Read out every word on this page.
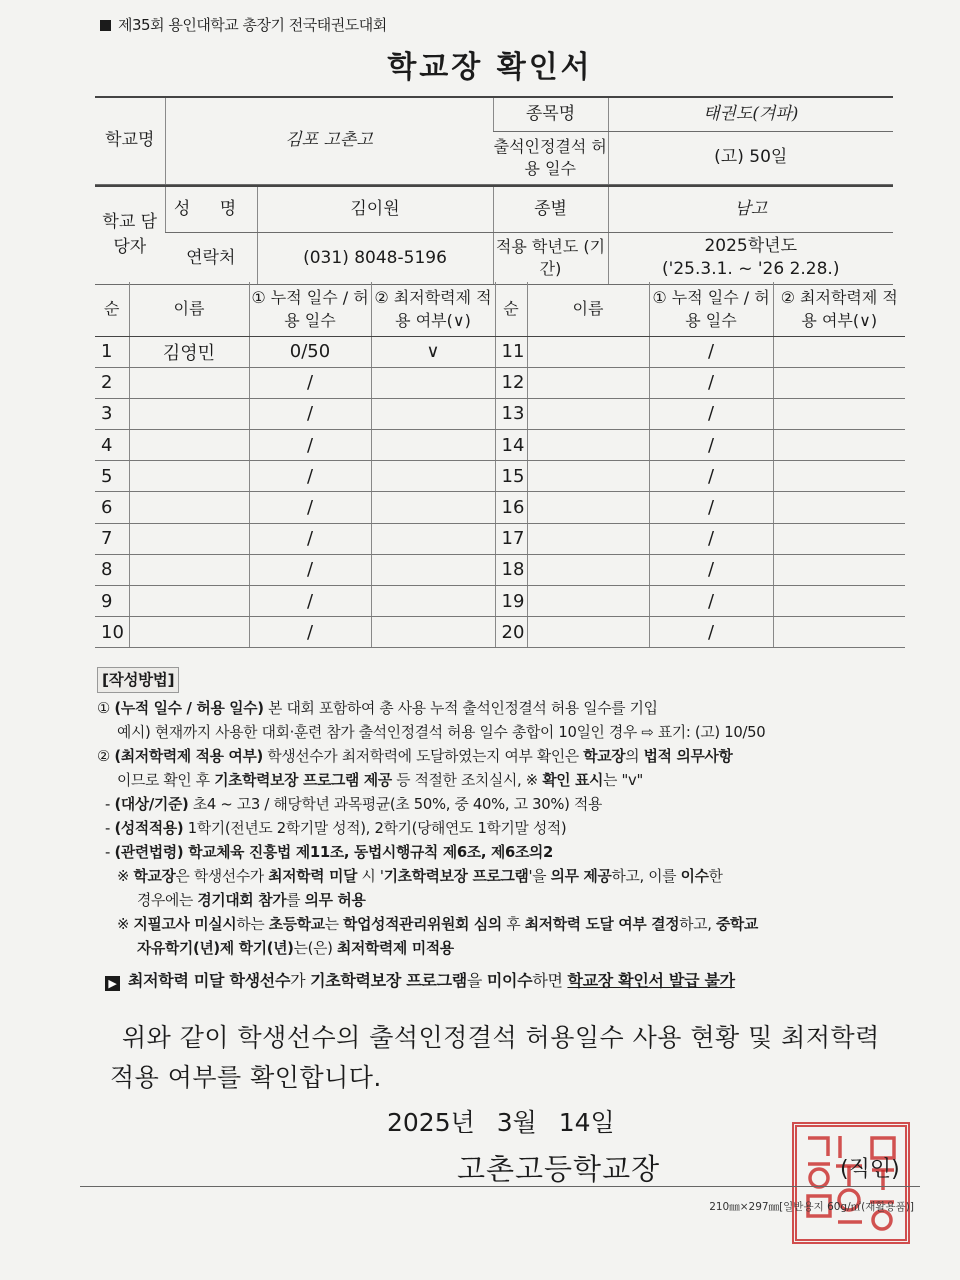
제35회 용인대학교 총장기 전국태권도대회
학교장 확인서
학교명	김포 고촌고	종목명	태권도(겨파)
		출석인정결석 허용 일수	(고) 50일
학교 담당자	성 명	김이원	종별	남고
	연락처	(031) 8048-5196	적용 학년도 (기간)	2025학년도
('25.3.1. ~ '26 2.28.)
순	이름	① 누적 일수 / 허용 일수	② 최저학력제 적용 여부(∨)	순	이름	① 누적 일수 / 허용 일수	② 최저학력제 적용 여부(∨)
1	김영민	0/50	∨	11		/	
2		/		12		/	
3		/		13		/	
4		/		14		/	
5		/		15		/	
6		/		16		/	
7		/		17		/	
8		/		18		/	
9		/		19		/	
10		/		20		/	
[작성방법]
① (누적 일수 / 허용 일수) 본 대회 포함하여 총 사용 누적 출석인정결석 허용 일수를 기입
예시) 현재까지 사용한 대회·훈련 참가 출석인정결석 허용 일수 총합이 10일인 경우 ⇨ 표기: (고) 10/50
② (최저학력제 적용 여부) 학생선수가 최저학력에 도달하였는지 여부 확인은 학교장의 법적 의무사항
이므로 확인 후 기초학력보장 프로그램 제공 등 적절한 조치실시, ※ 확인 표시는 "v"
- (대상/기준) 초4 ~ 고3 / 해당학년 과목평균(초 50%, 중 40%, 고 30%) 적용
- (성적적용) 1학기(전년도 2학기말 성적), 2학기(당해연도 1학기말 성적)
- (관련법령) 학교체육 진흥법 제11조, 동법시행규칙 제6조, 제6조의2
※ 학교장은 학생선수가 최저학력 미달 시 '기초학력보장 프로그램'을 의무 제공하고, 이를 이수한
경우에는 경기대회 참가를 의무 허용
※ 지필고사 미실시하는 초등학교는 학업성적관리위원회 심의 후 최저학력 도달 여부 결정하고, 중학교
자유학기(년)제 학기(년)는(은) 최저학력제 미적용
▶ 최저학력 미달 학생선수가 기초학력보장 프로그램을 미이수하면 학교장 확인서 발급 불가
위와 같이 학생선수의 출석인정결석 허용일수 사용 현황 및 최저학력
적용 여부를 확인합니다.
2025년 3월 14일
고촌고등학교장	(직인)
210㎜×297㎜[일반용지 60g/㎡(재활용품)]
